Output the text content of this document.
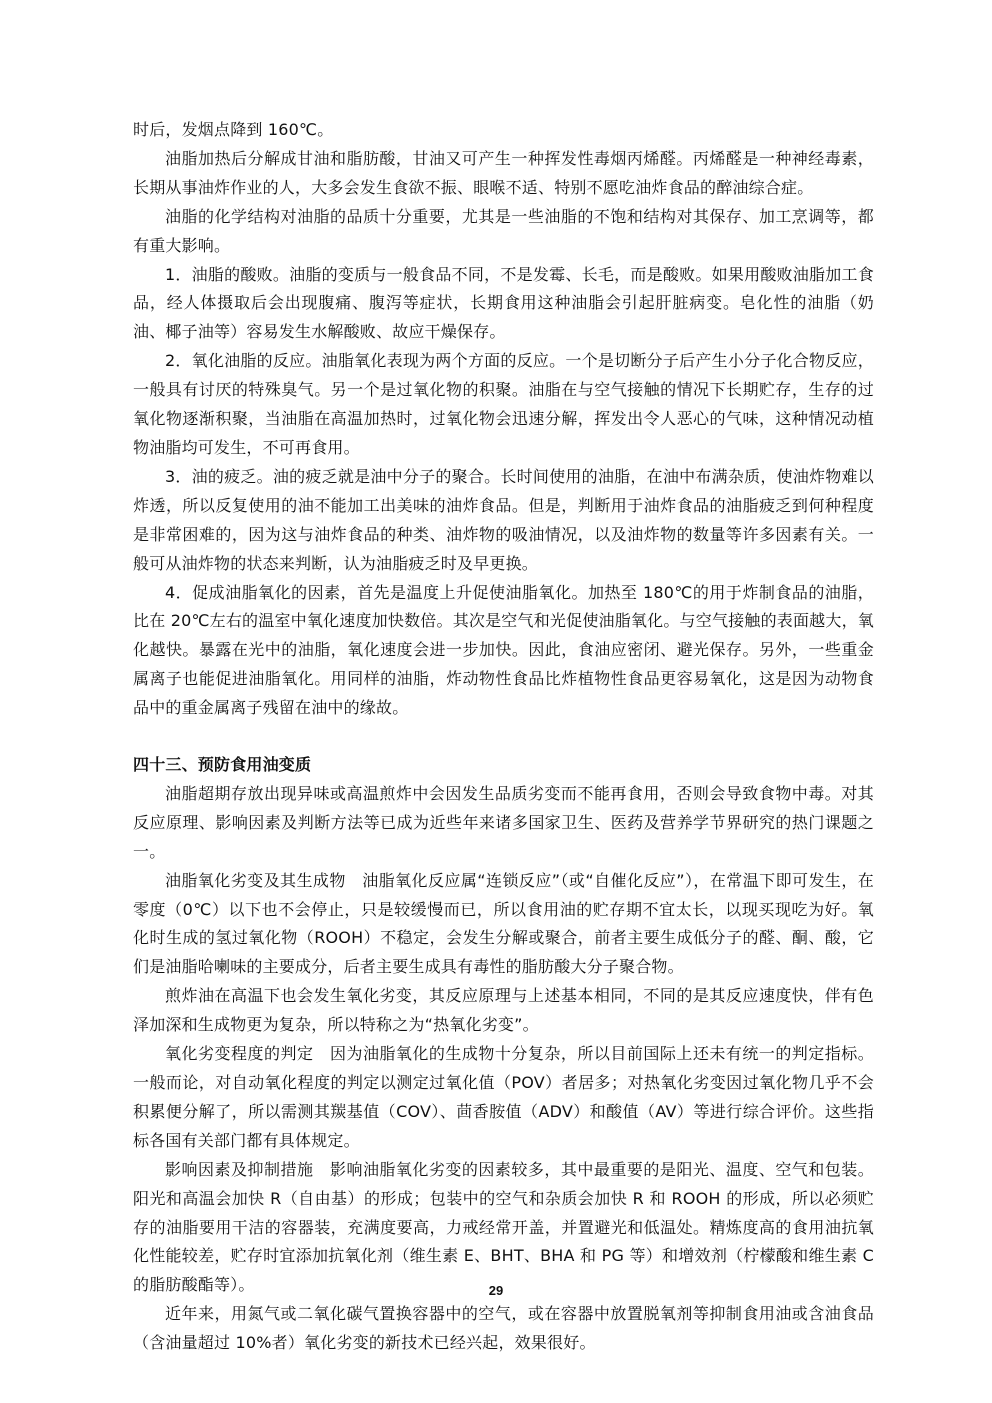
时后，发烟点降到 160℃。

油脂加热后分解成甘油和脂肪酸，甘油又可产生一种挥发性毒烟丙烯醛。丙烯醛是一种神经毒素，长期从事油炸作业的人，大多会发生食欲不振、眼喉不适、特别不愿吃油炸食品的醉油综合症。

油脂的化学结构对油脂的品质十分重要，尤其是一些油脂的不饱和结构对其保存、加工烹调等，都有重大影响。

1．油脂的酸败。油脂的变质与一般食品不同，不是发霉、长毛，而是酸败。如果用酸败油脂加工食品，经人体摄取后会出现腹痛、腹泻等症状，长期食用这种油脂会引起肝脏病变。皂化性的油脂（奶油、椰子油等）容易发生水解酸败、故应干燥保存。

2．氧化油脂的反应。油脂氧化表现为两个方面的反应。一个是切断分子后产生小分子化合物反应，一般具有讨厌的特殊臭气。另一个是过氧化物的积聚。油脂在与空气接触的情况下长期贮存，生存的过氧化物逐渐积聚，当油脂在高温加热时，过氧化物会迅速分解，挥发出令人恶心的气味，这种情况动植物油脂均可发生，不可再食用。

3．油的疲乏。油的疲乏就是油中分子的聚合。长时间使用的油脂，在油中布满杂质，使油炸物难以炸透，所以反复使用的油不能加工出美味的油炸食品。但是，判断用于油炸食品的油脂疲乏到何种程度是非常困难的，因为这与油炸食品的种类、油炸物的吸油情况，以及油炸物的数量等许多因素有关。一般可从油炸物的状态来判断，认为油脂疲乏时及早更换。

4．促成油脂氧化的因素，首先是温度上升促使油脂氧化。加热至 180℃的用于炸制食品的油脂，比在 20℃左右的温室中氧化速度加快数倍。其次是空气和光促使油脂氧化。与空气接触的表面越大，氧化越快。暴露在光中的油脂，氧化速度会进一步加快。因此，食油应密闭、避光保存。另外，一些重金属离子也能促进油脂氧化。用同样的油脂，炸动物性食品比炸植物性食品更容易氧化，这是因为动物食品中的重金属离子残留在油中的缘故。

四十三、预防食用油变质

油脂超期存放出现异味或高温煎炸中会因发生品质劣变而不能再食用，否则会导致食物中毒。对其反应原理、影响因素及判断方法等已成为近些年来诸多国家卫生、医药及营养学节界研究的热门课题之一。

油脂氧化劣变及其生成物　油脂氧化反应属“连锁反应”（或“自催化反应”），在常温下即可发生，在零度（0℃）以下也不会停止，只是较缓慢而已，所以食用油的贮存期不宜太长，以现买现吃为好。氧化时生成的氢过氧化物（ROOH）不稳定，会发生分解或聚合，前者主要生成低分子的醛、酮、酸，它们是油脂哈喇味的主要成分，后者主要生成具有毒性的脂肪酸大分子聚合物。

煎炸油在高温下也会发生氧化劣变，其反应原理与上述基本相同，不同的是其反应速度快，伴有色泽加深和生成物更为复杂，所以特称之为“热氧化劣变”。

氧化劣变程度的判定　因为油脂氧化的生成物十分复杂，所以目前国际上还未有统一的判定指标。一般而论，对自动氧化程度的判定以测定过氧化值（POV）者居多；对热氧化劣变因过氧化物几乎不会积累便分解了，所以需测其羰基值（COV）、茴香胺值（ADV）和酸值（AV）等进行综合评价。这些指标各国有关部门都有具体规定。

影响因素及抑制措施　影响油脂氧化劣变的因素较多，其中最重要的是阳光、温度、空气和包装。阳光和高温会加快 R（自由基）的形成；包装中的空气和杂质会加快 R 和 ROOH 的形成，所以必须贮存的油脂要用干洁的容器装，充满度要高，力戒经常开盖，并置避光和低温处。精炼度高的食用油抗氧化性能较差，贮存时宜添加抗氧化剂（维生素 E、BHT、BHA 和 PG 等）和增效剂（柠檬酸和维生素 C 的脂肪酸酯等）。

近年来，用氮气或二氧化碳气置换容器中的空气，或在容器中放置脱氧剂等抑制食用油或含油食品（含油量超过 10%者）氧化劣变的新技术已经兴起，效果很好。

29
